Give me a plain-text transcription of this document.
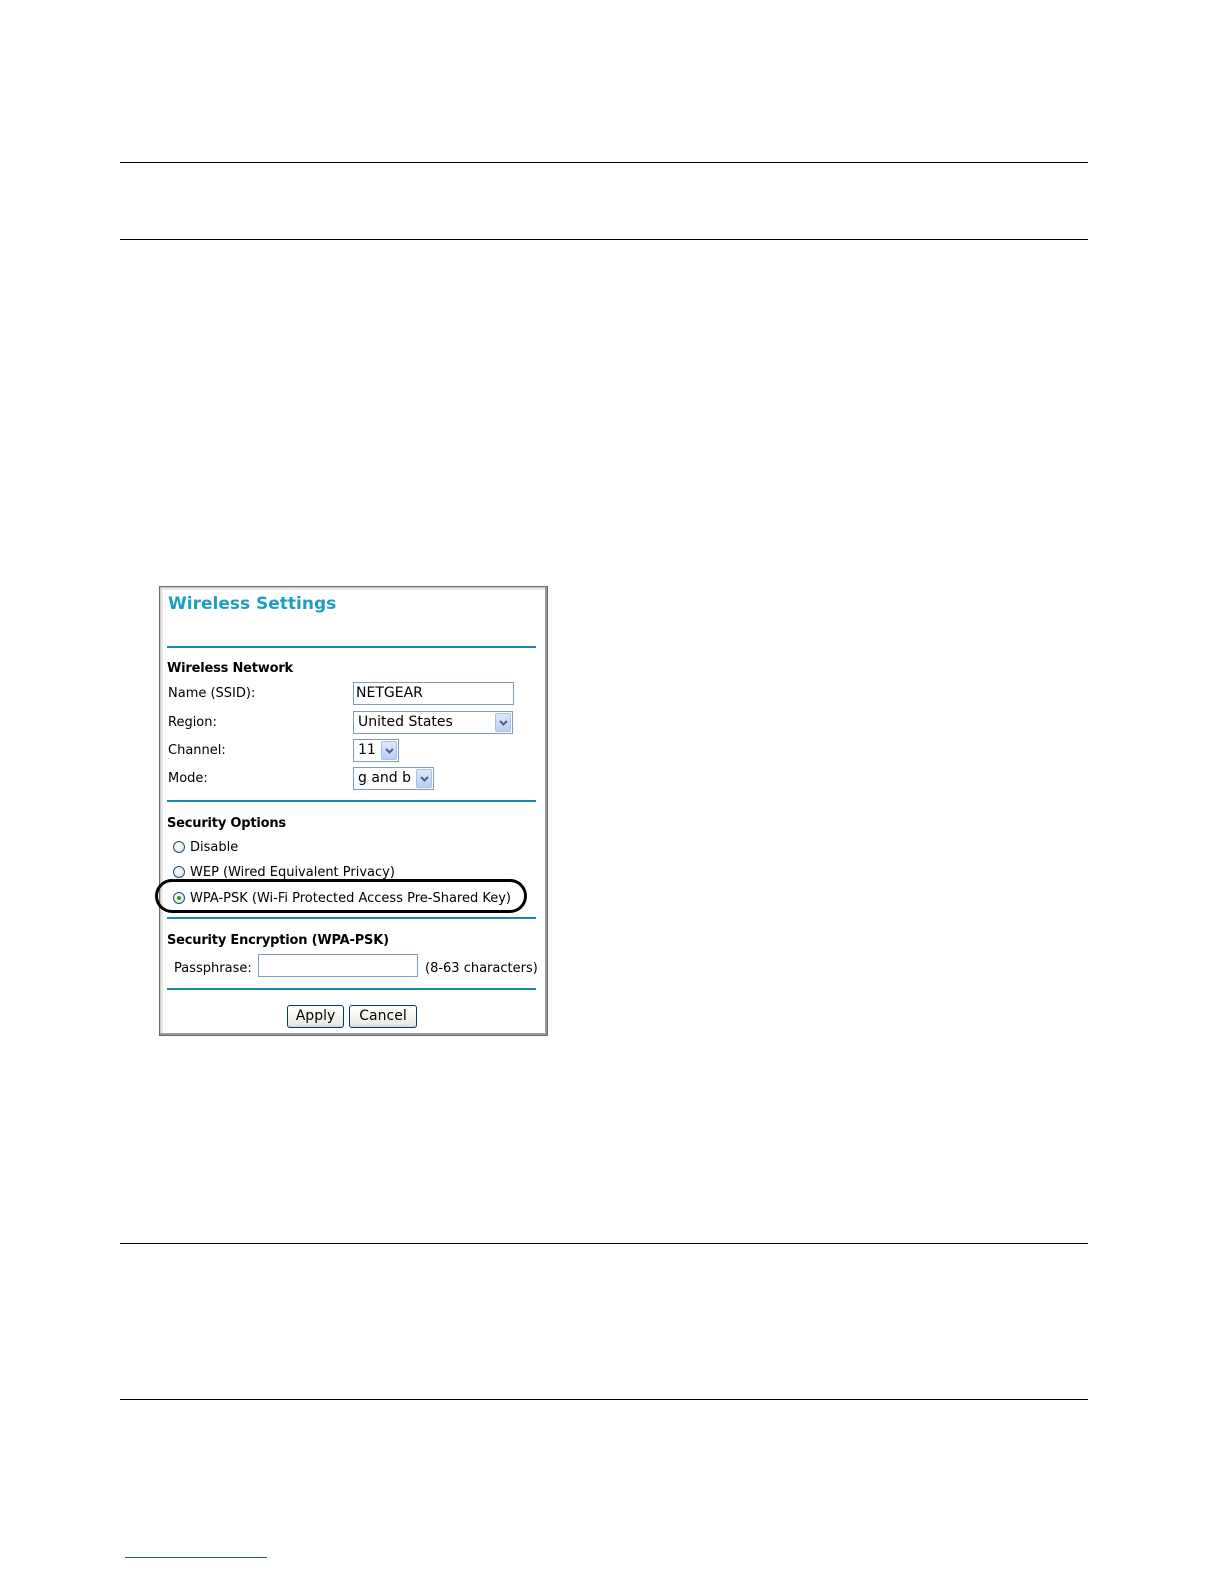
Wireless Settings
Wireless Network
Name (SSID):	NETGEAR
Region:	United States
Channel:	11
Mode:	g and b
Security Options
Disable
WEP (Wired Equivalent Privacy)
WPA-PSK (Wi-Fi Protected Access Pre-Shared Key)
Security Encryption (WPA-PSK)
Passphrase:	(8-63 characters)
Apply	Cancel
